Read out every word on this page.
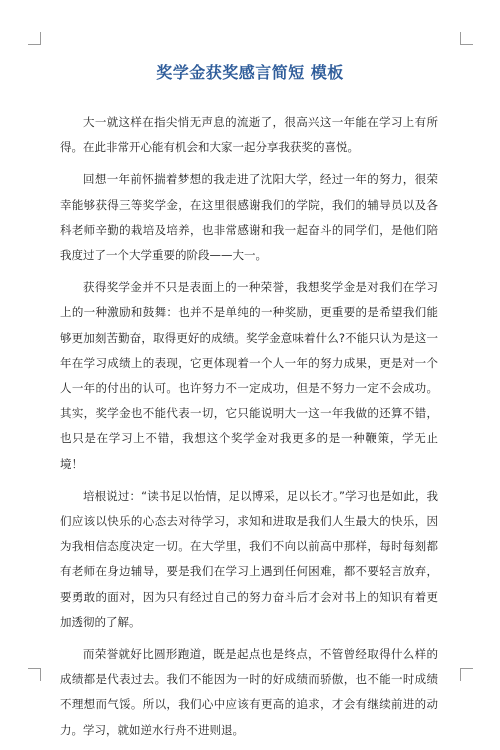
奖学金获奖感言简短 模板

大一就这样在指尖悄无声息的流逝了，很高兴这一年能在学习上有所得。在此非常开心能有机会和大家一起分享我获奖的喜悦。

回想一年前怀揣着梦想的我走进了沈阳大学，经过一年的努力，很荣幸能够获得三等奖学金，在这里很感谢我们的学院，我们的辅导员以及各科老师辛勤的栽培及培养，也非常感谢和我一起奋斗的同学们，是他们陪我度过了一个大学重要的阶段——大一。

获得奖学金并不只是表面上的一种荣誉，我想奖学金是对我们在学习上的一种激励和鼓舞：也并不是单纯的一种奖励，更重要的是希望我们能够更加刻苦勤奋，取得更好的成绩。奖学金意味着什么?不能只认为是这一年在学习成绩上的表现，它更体现着一个人一年的努力成果，更是对一个人一年的付出的认可。也许努力不一定成功，但是不努力一定不会成功。其实，奖学金也不能代表一切，它只能说明大一这一年我做的还算不错，也只是在学习上不错，我想这个奖学金对我更多的是一种鞭策，学无止境！

培根说过：“读书足以怡情，足以博采，足以长才。”学习也是如此，我们应该以快乐的心态去对待学习，求知和进取是我们人生最大的快乐，因为我相信态度决定一切。在大学里，我们不向以前高中那样，每时每刻都有老师在身边辅导，要是我们在学习上遇到任何困难，都不要轻言放弃，要勇敢的面对，因为只有经过自己的努力奋斗后才会对书上的知识有着更加透彻的了解。

而荣誉就好比圆形跑道，既是起点也是终点，不管曾经取得什么样的成绩都是代表过去。我们不能因为一时的好成绩而骄傲，也不能一时成绩不理想而气馁。所以，我们心中应该有更高的追求，才会有继续前进的动力。学习，就如逆水行舟不进则退。
